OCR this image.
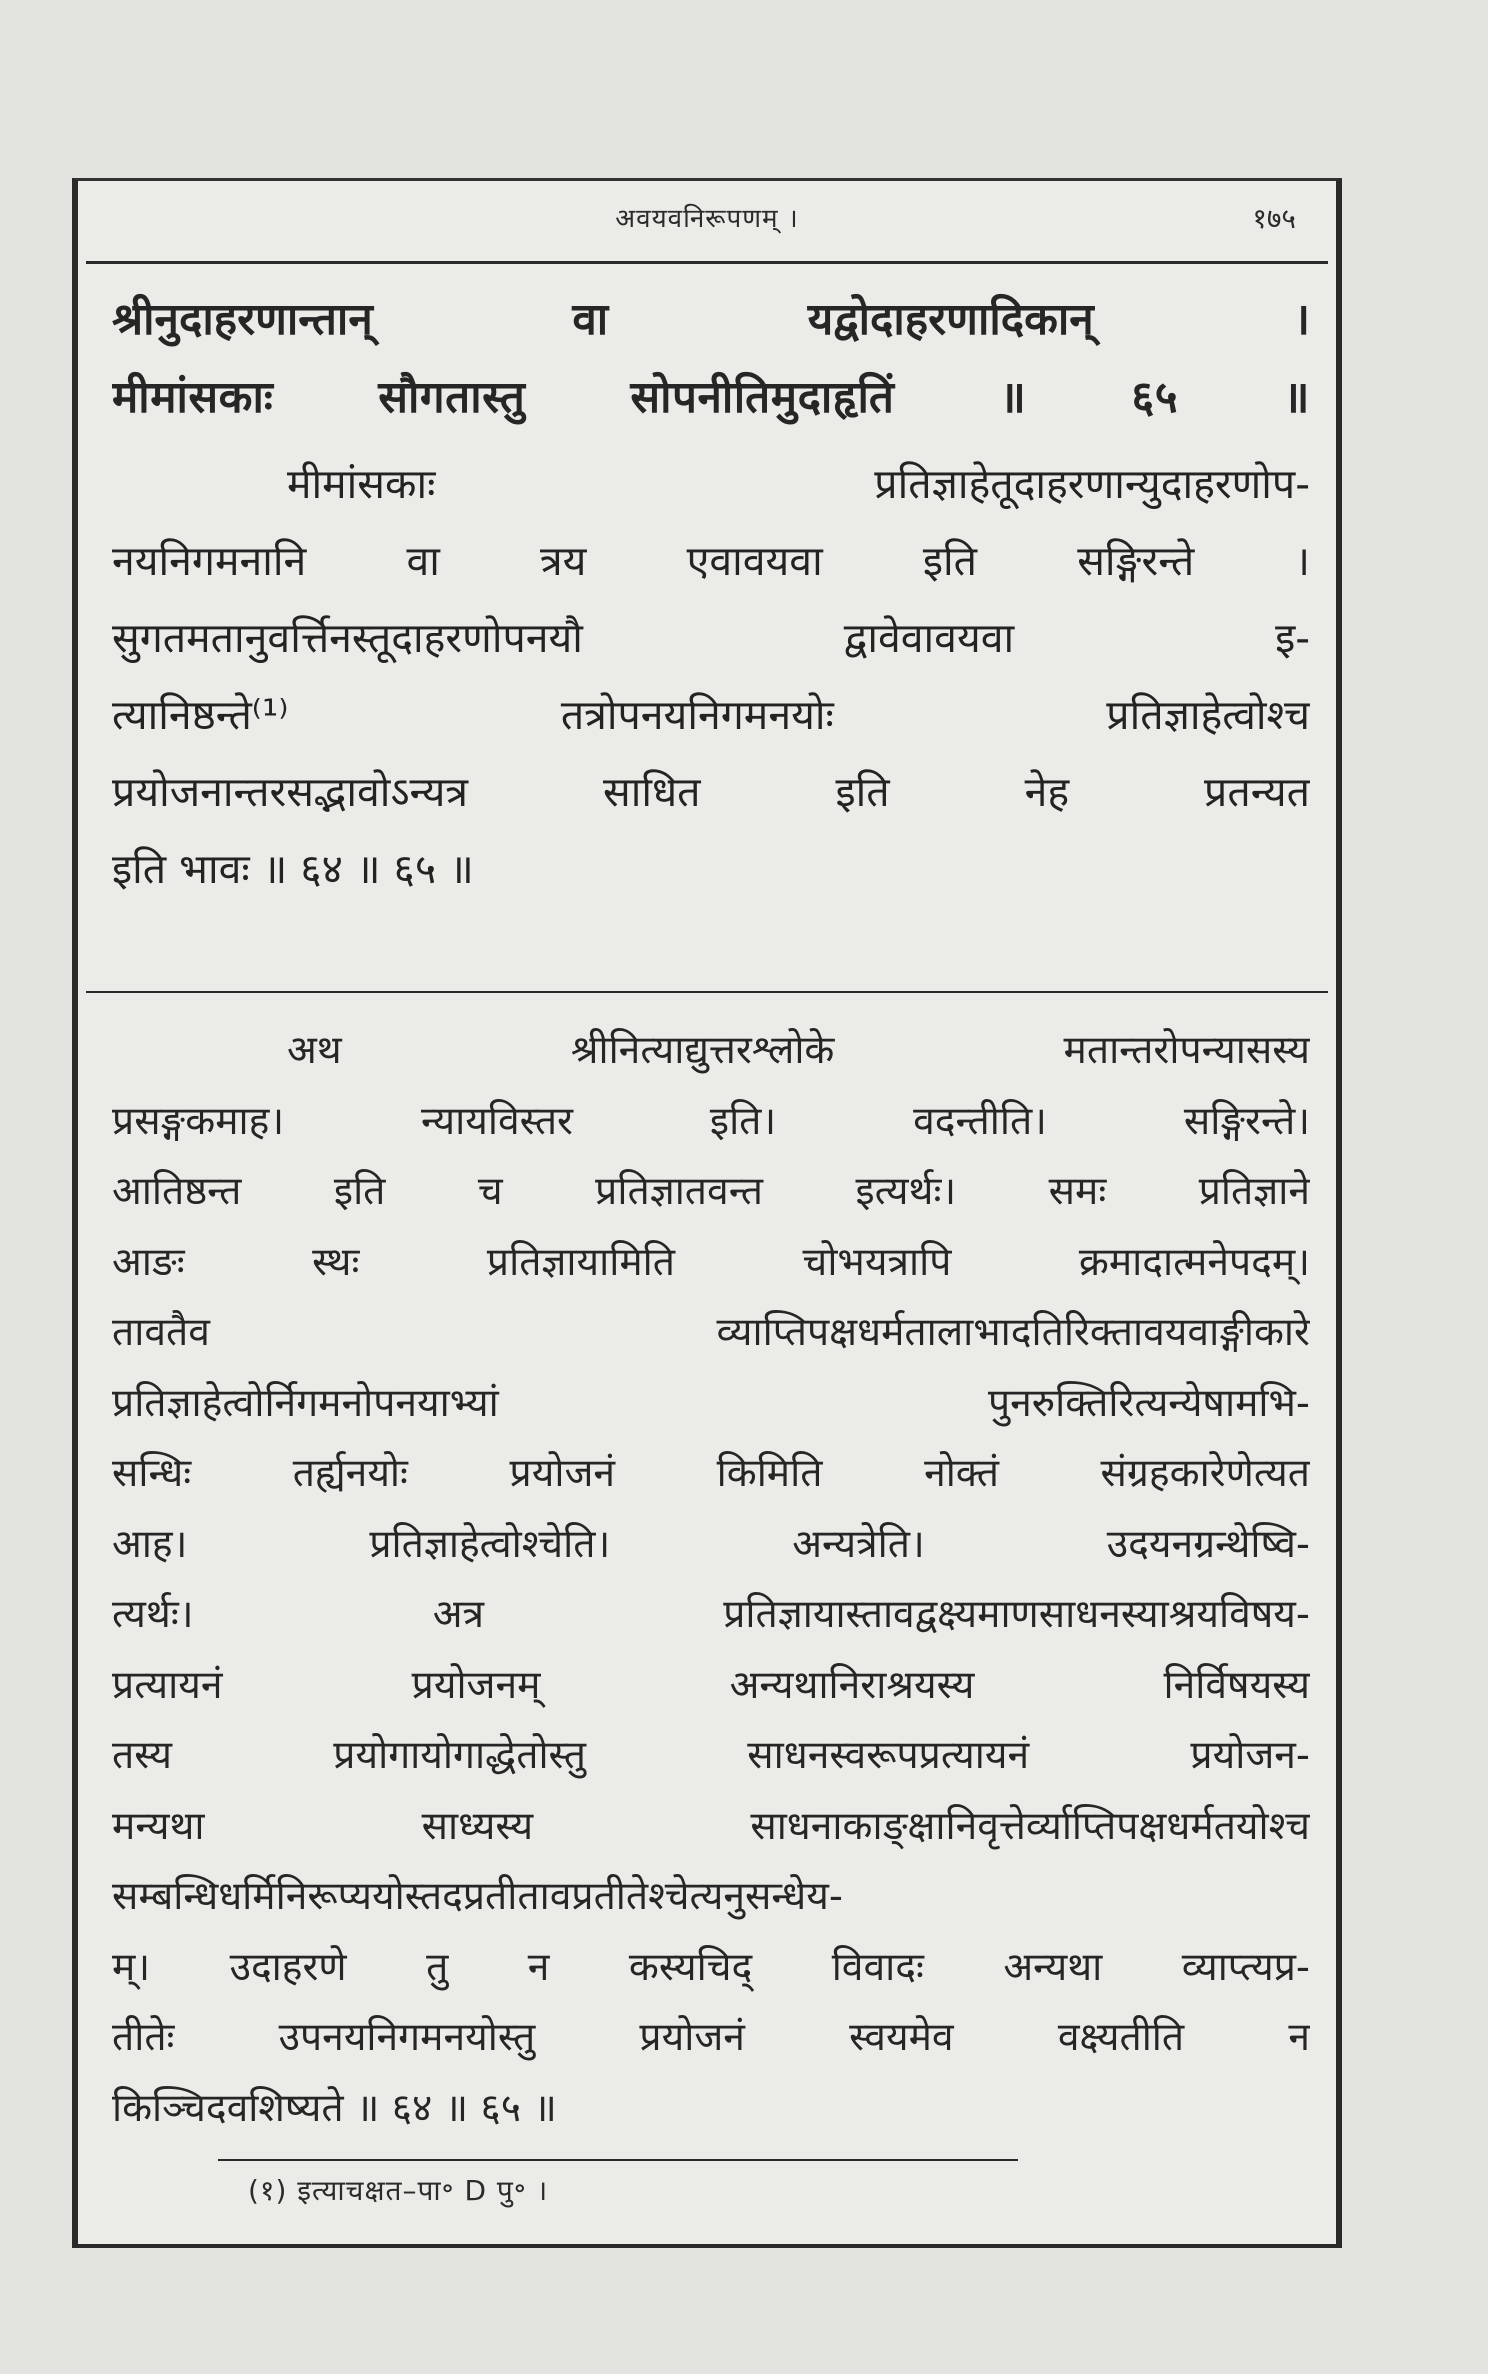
अवयवनिरूपणम् ।	१७५
श्रीनुदाहरणान्तान् वा यद्वोदाहरणादिकान् ।
मीमांसकाः सौगतास्तु सोपनीतिमुदाहृतिं ॥ ६५ ॥
मीमांसकाः प्रतिज्ञाहेतूदाहरणान्युदाहरणोप-
नयनिगमनानि वा त्रय एवावयवा इति सङ्गिरन्ते ।
सुगतमतानुवर्त्तिनस्तूदाहरणोपनयौ द्वावेवावयवा इ-
त्यानिष्ठन्ते⁽¹⁾ तत्रोपनयनिगमनयोः प्रतिज्ञाहेत्वोश्च
प्रयोजनान्तरसद्भावोऽन्यत्र साधित इति नेह प्रतन्यत
इति भावः ॥ ६४ ॥ ६५ ॥
अथ श्रीनित्याद्युत्तरश्लोके मतान्तरोपन्यासस्य
प्रसङ्गकमाह। न्यायविस्तर इति। वदन्तीति। सङ्गिरन्ते।
आतिष्ठन्त इति च प्रतिज्ञातवन्त इत्यर्थः। समः प्रतिज्ञाने
आङः स्थः प्रतिज्ञायामिति चोभयत्रापि क्रमादात्मनेपदम्।
तावतैव व्याप्तिपक्षधर्मतालाभादतिरिक्तावयवाङ्गीकारे
प्रतिज्ञाहेत्वोर्निगमनोपनयाभ्यां पुनरुक्तिरित्यन्येषामभि-
सन्धिः तर्ह्यनयोः प्रयोजनं किमिति नोक्तं संग्रहकारेणेत्यत
आह। प्रतिज्ञाहेत्वोश्चेति। अन्यत्रेति। उदयनग्रन्थेष्वि-
त्यर्थः। अत्र प्रतिज्ञायास्तावद्वक्ष्यमाणसाधनस्याश्रयविषय-
प्रत्यायनं प्रयोजनम् अन्यथानिराश्रयस्य निर्विषयस्य
तस्य प्रयोगायोगाद्धेतोस्तु साधनस्वरूपप्रत्यायनं प्रयोजन-
मन्यथा साध्यस्य साधनाकाङ्क्षानिवृत्तेर्व्याप्तिपक्षधर्मतयोश्च
सम्बन्धिधर्मिनिरूप्ययोस्तदप्रतीतावप्रतीतेश्चेत्यनुसन्धेय-
म्। उदाहरणे तु न कस्यचिद् विवादः अन्यथा व्याप्त्यप्र-
तीतेः उपनयनिगमनयोस्तु प्रयोजनं स्वयमेव वक्ष्यतीति न
किञ्चिदवशिष्यते ॥ ६४ ॥ ६५ ॥
(१) इत्याचक्षत–पा॰ D पु॰ ।
